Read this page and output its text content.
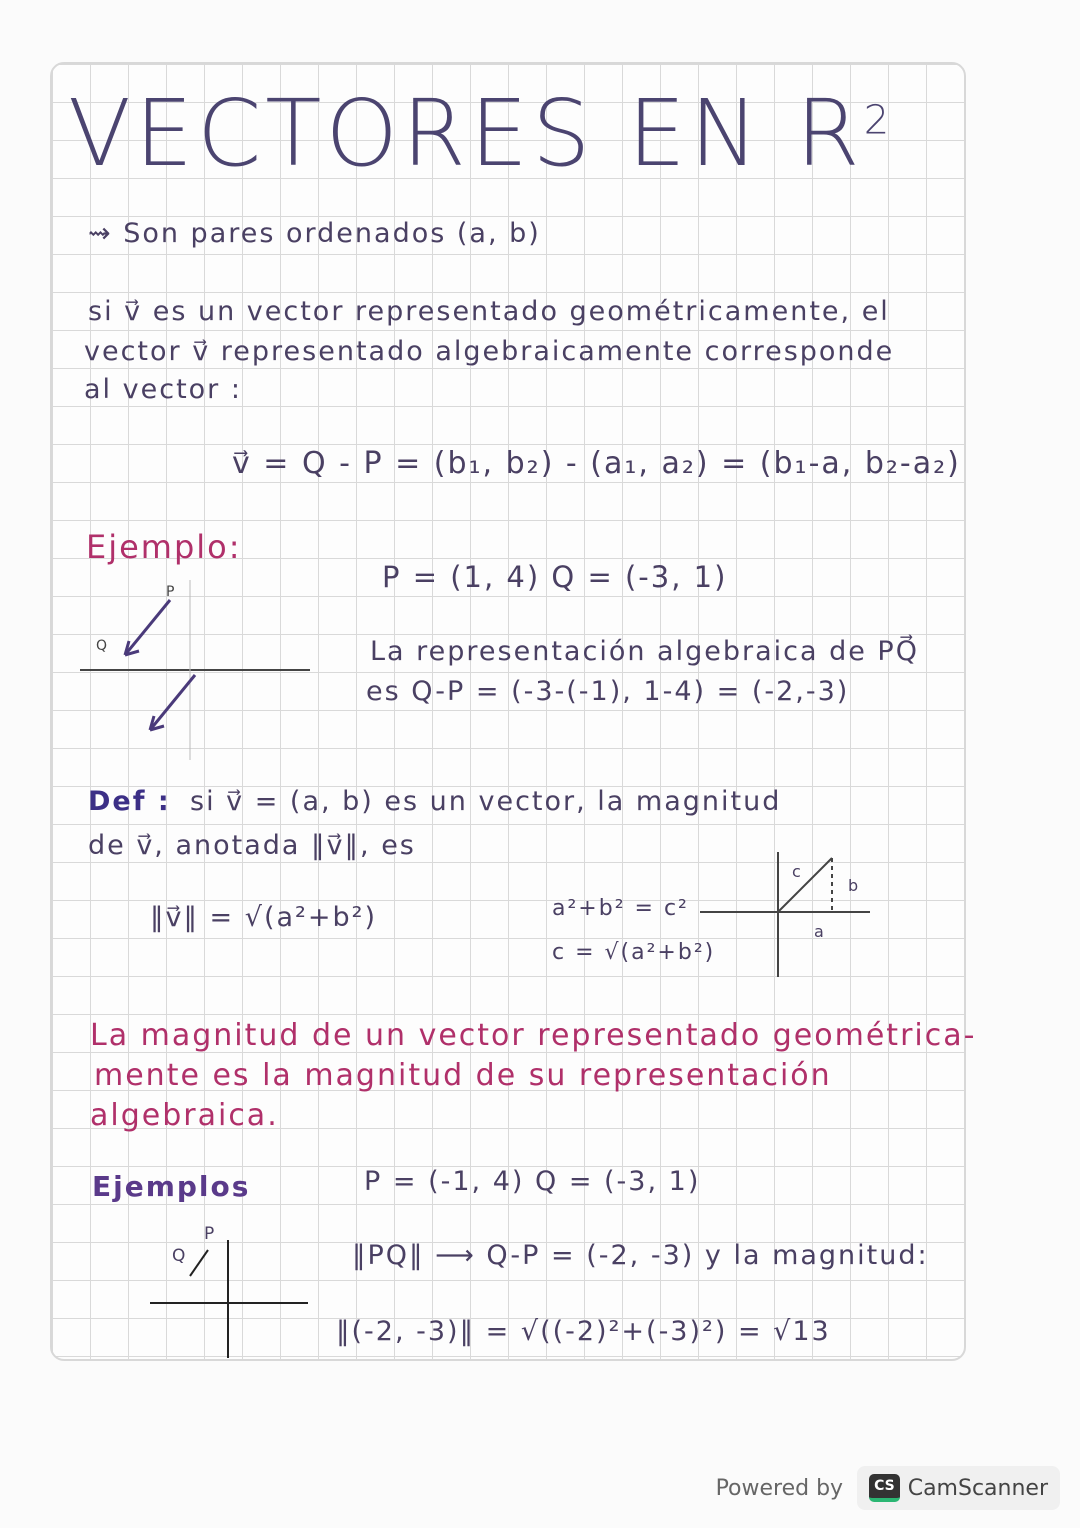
VECTORES EN $R^2$
⇝ Son pares ordenados (a, b)
si v⃗ es un vector representado geométricamente, el
vector v⃗ representado algebraicamente corresponde
al vector :
v⃗ = Q - P = (b₁, b₂) - (a₁, a₂) = (b₁-a, b₂-a₂)
Ejemplo:
P = (1, 4) Q = (-3, 1)
La representación algebraica de PQ⃗
es Q-P = (-3-(-1), 1-4) = (-2,-3)
P
Q
Def : si v⃗ = (a, b) es un vector, la magnitud
de v⃗, anotada ‖v⃗‖, es
‖v⃗‖ = √(a²+b²)	a²+b² = c²
c = √(a²+b²)
c
b
a
La magnitud de un vector representado geométrica-
mente es la magnitud de su representación
algebraica.
Ejemplos	P = (-1, 4) Q = (-3, 1)
‖PQ‖ ⟶ Q-P = (-2, -3) y la magnitud:
‖(-2, -3)‖ = √((-2)²+(-3)²) = √13
P
Q
Powered by	CS CamScanner
